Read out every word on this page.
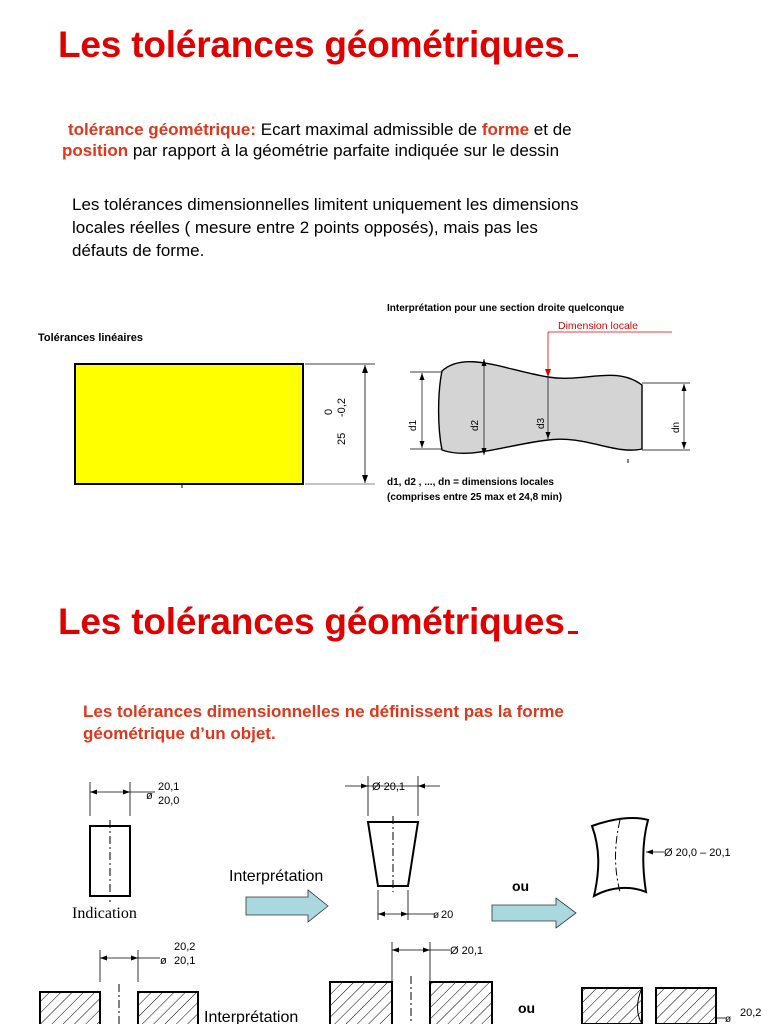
Les tolérances géométriques
tolérance géométrique: Ecart maximal admissible de forme et de
position par rapport à la géométrie parfaite indiquée sur le dessin
Les tolérances dimensionnelles limitent uniquement les dimensions
locales réelles ( mesure entre 2 points opposés), mais pas les
défauts de forme.
Tolérances linéaires
25
0 -0,2
Interprétation pour une section droite quelconque
Dimension locale
d1	d2	d3	dn
d1, d2 , ..., dn = dimensions locales
(comprises entre 25 max et 24,8 min)
Les tolérances géométriques
Les tolérances dimensionnelles ne définissent pas la forme
géométrique d’un objet.
ø
20,1
20,0
Indication
Interprétation
Ø 20,1
ø 20
ou
Ø 20,0 – 20,1
ø
20,2
20,1
Interprétation
Ø 20,1
ou
ø
20,2
